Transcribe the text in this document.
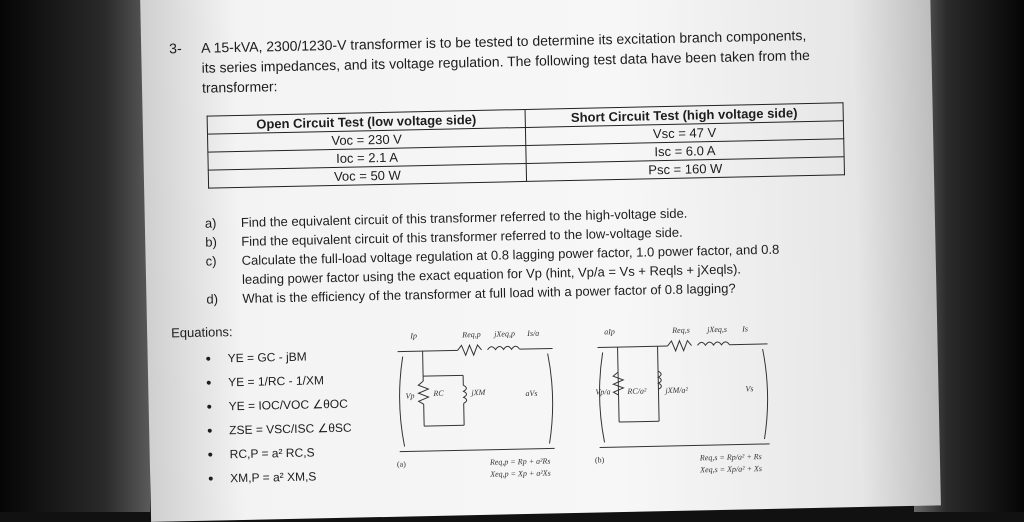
3- A 15-kVA, 2300/1230-V transformer is to be tested to determine its excitation branch components, its series impedances, and its voltage regulation. The following test data have been taken from the transformer:
Open Circuit Test (low voltage side)	Short Circuit Test (high voltage side)
Voc = 230 V	Vsc = 47 V
Ioc = 2.1 A	Isc = 6.0 A
Voc = 50 W	Psc = 160 W
a) Find the equivalent circuit of this transformer referred to the high-voltage side.
b) Find the equivalent circuit of this transformer referred to the low-voltage side.
c) Calculate the full-load voltage regulation at 0.8 lagging power factor, 1.0 power factor, and 0.8 leading power factor using the exact equation for Vp (hint, Vp/a = Vs + Reqls + jXeqls).
d) What is the efficiency of the transformer at full load with a power factor of 0.8 lagging?
Equations:
• YE = GC - jBM
• YE = 1/RC - 1/XM
• YE = IOC/VOC ∠θOC
• ZSE = VSC/ISC ∠θSC
• RC,P = a² RC,S
• XM,P = a² XM,S
Ip	Req,p jXeq,p Is/a
Vp RC	jXM	aVs
aIp	Req,s jXeq,s Is
Vp/a RC/a² jXM/a²	Vs
(a)	(b)
Req,p = Rp + a²Rs
Xeq,p = Xp + a²Xs
Req,s = Rp/a² + Rs
Xeq,s = Xp/a² + Xs
